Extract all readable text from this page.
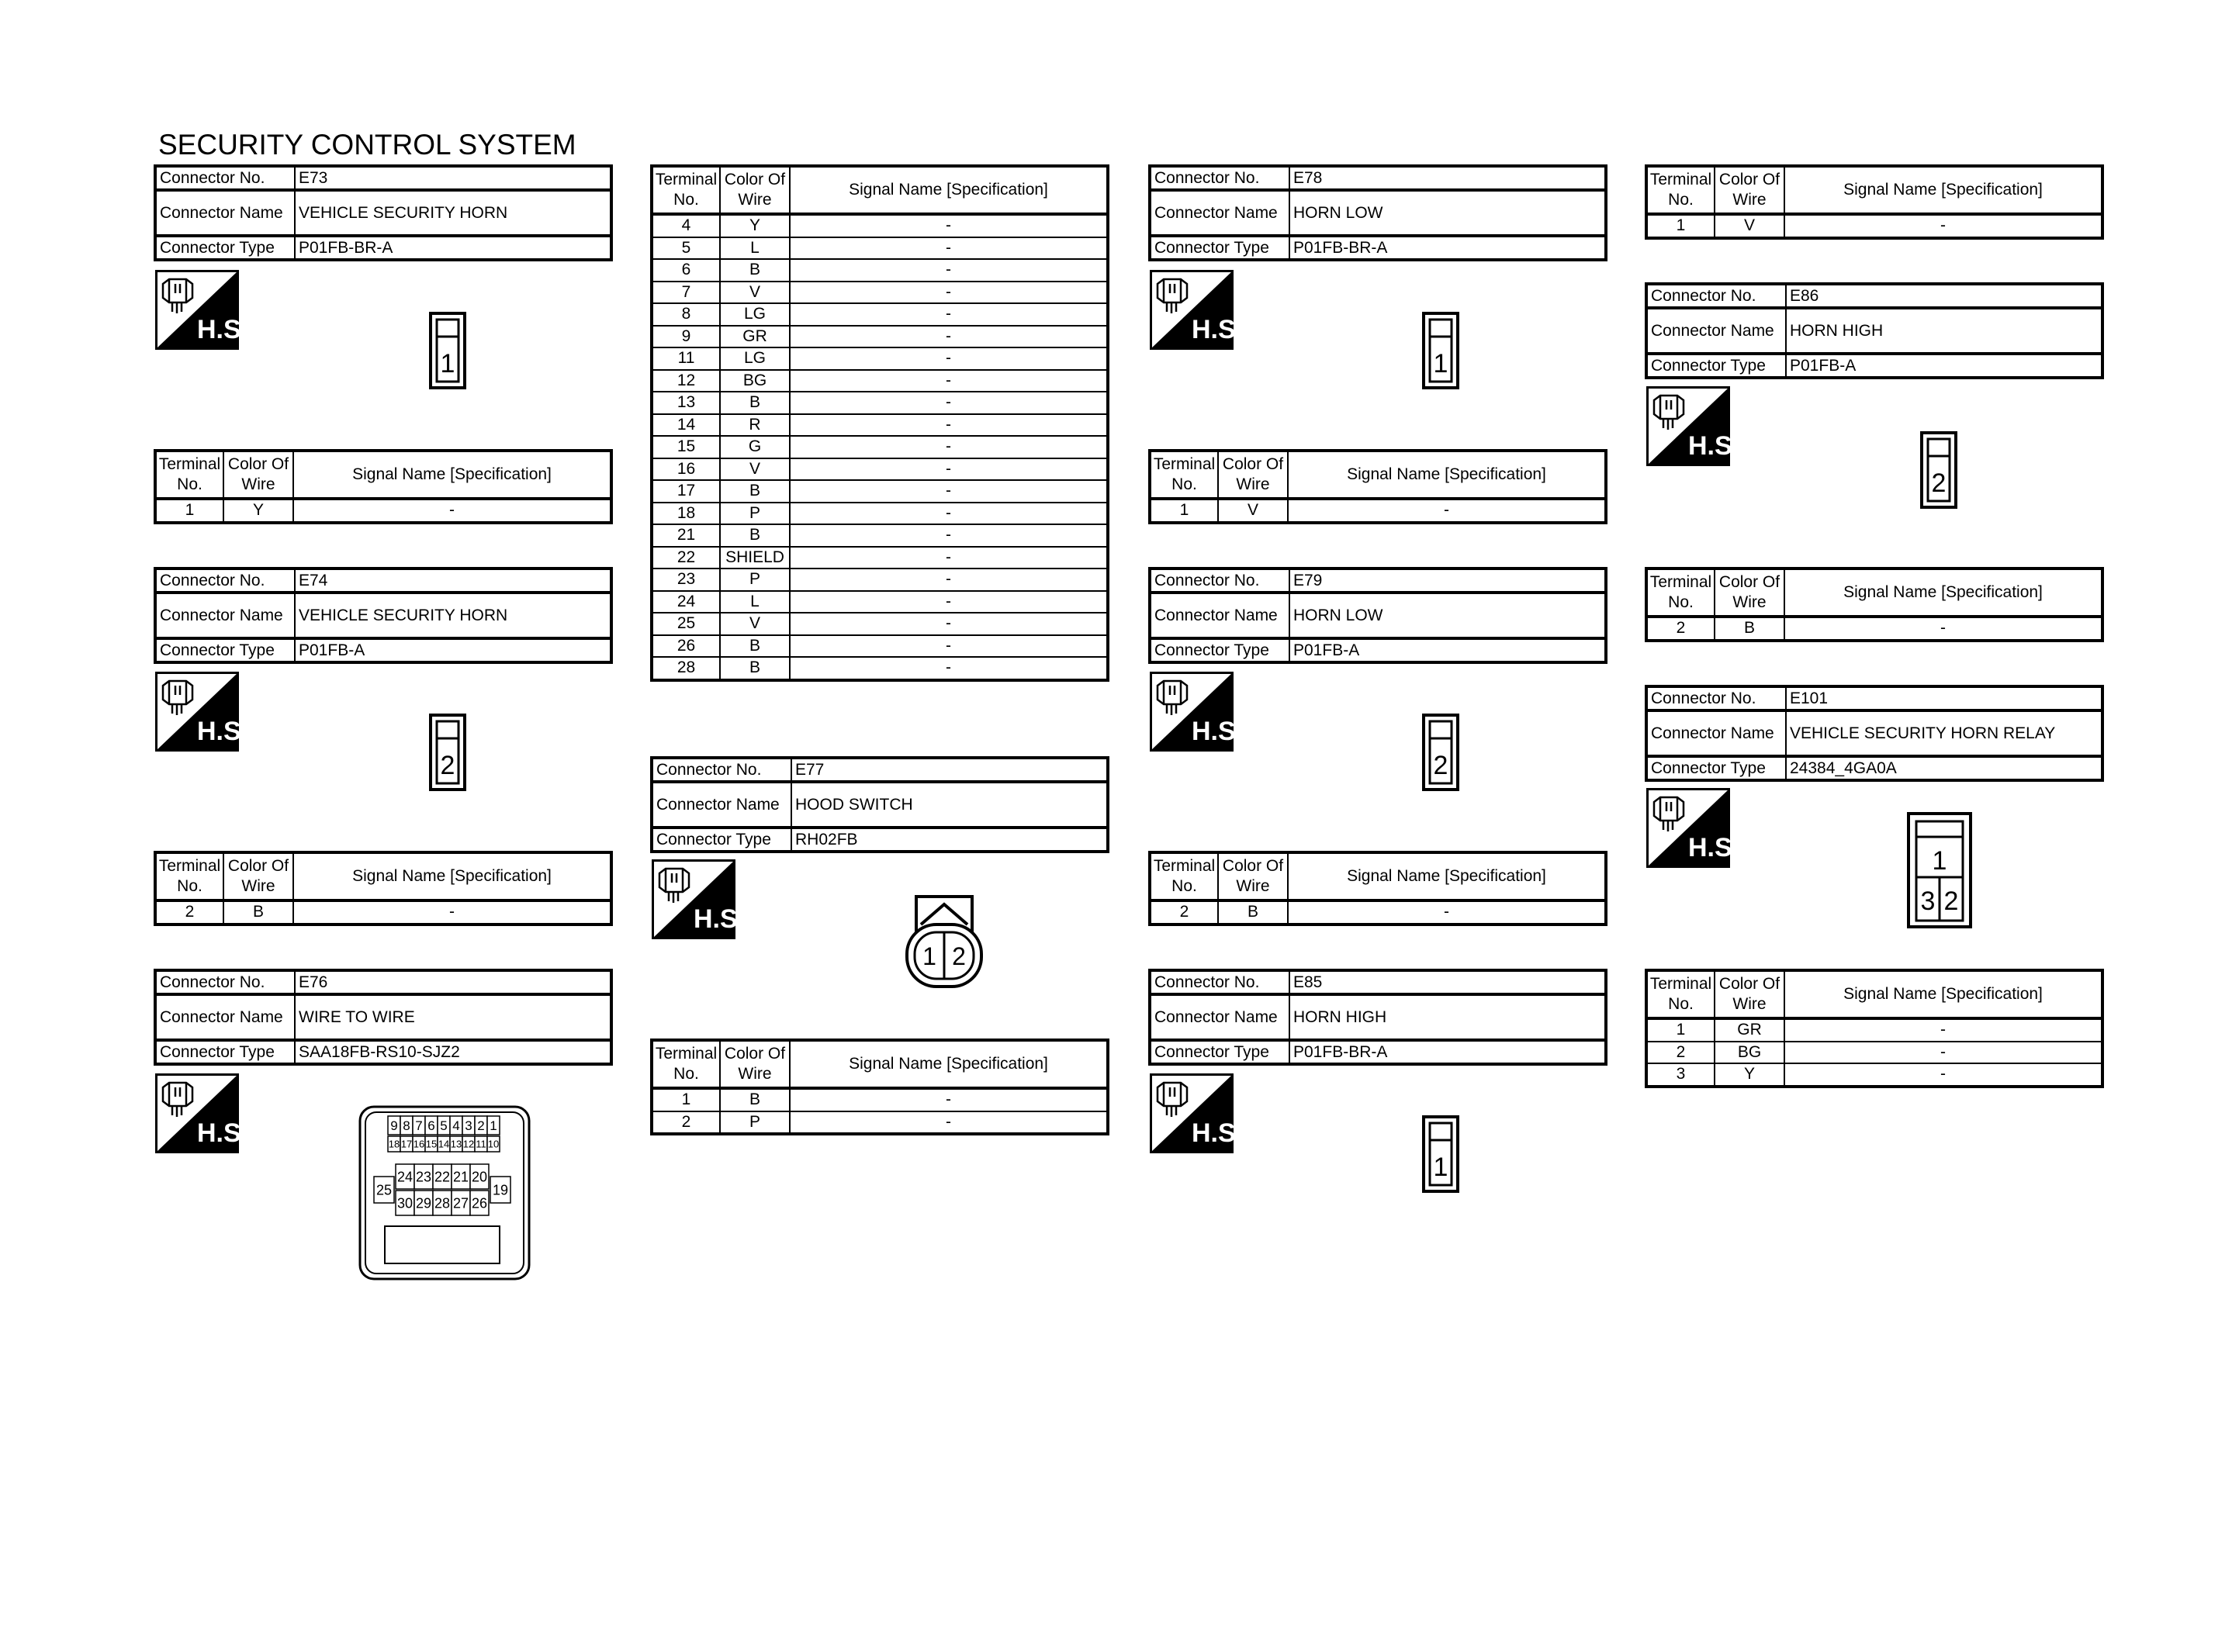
SECURITY CONTROL SYSTEM
Connector No.	E73
Connector Name	VEHICLE SECURITY HORN
Connector Type	P01FB-BR-A
Connector No.	E74
Connector Name	VEHICLE SECURITY HORN
Connector Type	P01FB-A
Connector No.	E76
Connector Name	WIRE TO WIRE
Connector Type	SAA18FB-RS10-SJZ2
Connector No.	E77
Connector Name	HOOD SWITCH
Connector Type	RH02FB
Connector No.	E78
Connector Name	HORN LOW
Connector Type	P01FB-BR-A
Connector No.	E79
Connector Name	HORN LOW
Connector Type	P01FB-A
Connector No.	E85
Connector Name	HORN HIGH
Connector Type	P01FB-BR-A
Connector No.	E86
Connector Name	HORN HIGH
Connector Type	P01FB-A
Connector No.	E101
Connector Name	VEHICLE SECURITY HORN RELAY
Connector Type	24384_4GA0A
Terminal
No.	Color Of
Wire	Signal Name [Specification]
1	Y	-
Terminal
No.	Color Of
Wire	Signal Name [Specification]
2	B	-
Terminal
No.	Color Of
Wire	Signal Name [Specification]
4	Y	-
5	L	-
6	B	-
7	V	-
8	LG	-
9	GR	-
11	LG	-
12	BG	-
13	B	-
14	R	-
15	G	-
16	V	-
17	B	-
18	P	-
21	B	-
22	SHIELD	-
23	P	-
24	L	-
25	V	-
26	B	-
28	B	-
Terminal
No.	Color Of
Wire	Signal Name [Specification]
1	B	-
2	P	-
Terminal
No.	Color Of
Wire	Signal Name [Specification]
1	V	-
Terminal
No.	Color Of
Wire	Signal Name [Specification]
2	B	-
Terminal
No.	Color Of
Wire	Signal Name [Specification]
1	V	-
Terminal
No.	Color Of
Wire	Signal Name [Specification]
2	B	-
Terminal
No.	Color Of
Wire	Signal Name [Specification]
1	GR	-
2	BG	-
3	Y	-
H.S.
H.S.
H.S.
H.S.
H.S.
H.S.
H.S.
H.S.
H.S.
1
2
1
2
1
2
1 2
1
3 2
9 8 7 6 5 4 3 2 1
18 17 16 15 14 13 12 11 10
24 23 22 21 20
30 29 28 27 26
25	19
